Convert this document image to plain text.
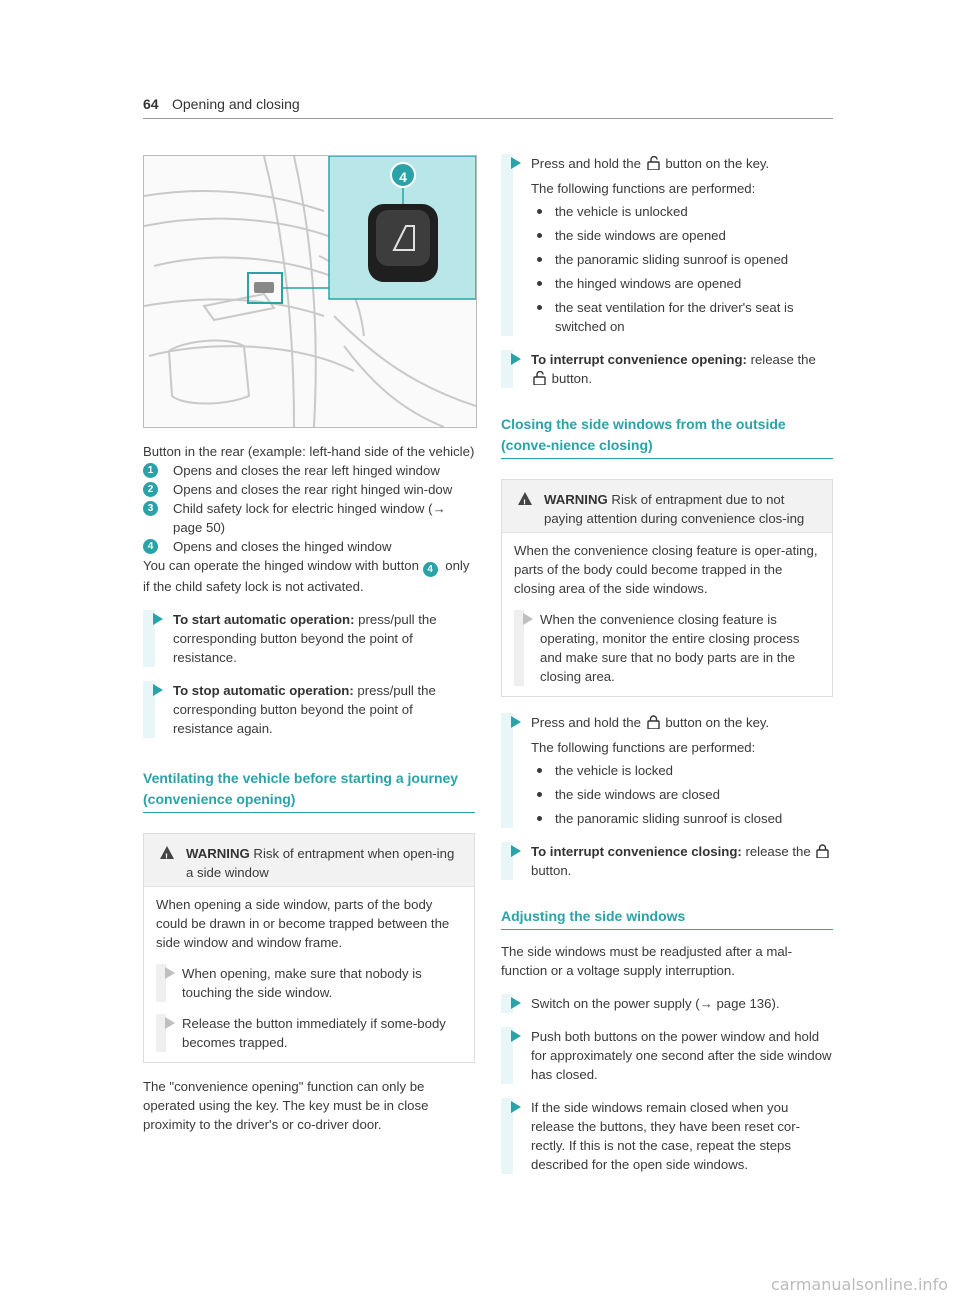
64 Opening and closing
4

Button in the rear (example: left-hand side of the vehicle)

1	Opens and closes the rear left hinged window
2	Opens and closes the rear right hinged win-dow
3	Child safety lock for electric hinged window (→ page 50)
4	Opens and closes the hinged window

You can operate the hinged window with button 4 only if the child safety lock is not activated.

To start automatic operation: press/pull the corresponding button beyond the point of resistance.
To stop automatic operation: press/pull the corresponding button beyond the point of resistance again.
Ventilating the vehicle before starting a journey (convenience opening)
!
WARNING Risk of entrapment when open-ing a side window

When opening a side window, parts of the body could be drawn in or become trapped between the side window and window frame.

When opening, make sure that nobody is touching the side window.
Release the button immediately if some-body becomes trapped.

The "convenience opening" function can only be operated using the key. The key must be in close proximity to the driver's or co-driver door.

Press and hold the button on the key.

The following functions are performed:

the vehicle is unlocked
the side windows are opened
the panoramic sliding sunroof is opened
the hinged windows are opened
the seat ventilation for the driver's seat is switched on
To interrupt convenience opening: release the  button.
Closing the side windows from the outside (conve-nience closing)
!
WARNING Risk of entrapment due to not paying attention during convenience clos-ing

When the convenience closing feature is oper-ating, parts of the body could become trapped in the closing area of the side windows.

When the convenience closing feature is operating, monitor the entire closing process and make sure that no body parts are in the closing area.
Press and hold the button on the key.

The following functions are performed:

the vehicle is locked
the side windows are closed
the panoramic sliding sunroof is closed
To interrupt convenience closing: release the  button.
Adjusting the side windows

The side windows must be readjusted after a mal-function or a voltage supply interruption.

Switch on the power supply (→ page 136).
Push both buttons on the power window and hold for approximately one second after the side window has closed.
If the side windows remain closed when you release the buttons, they have been reset cor-rectly. If this is not the case, repeat the steps described for the open side windows.
carmanualsonline.info
